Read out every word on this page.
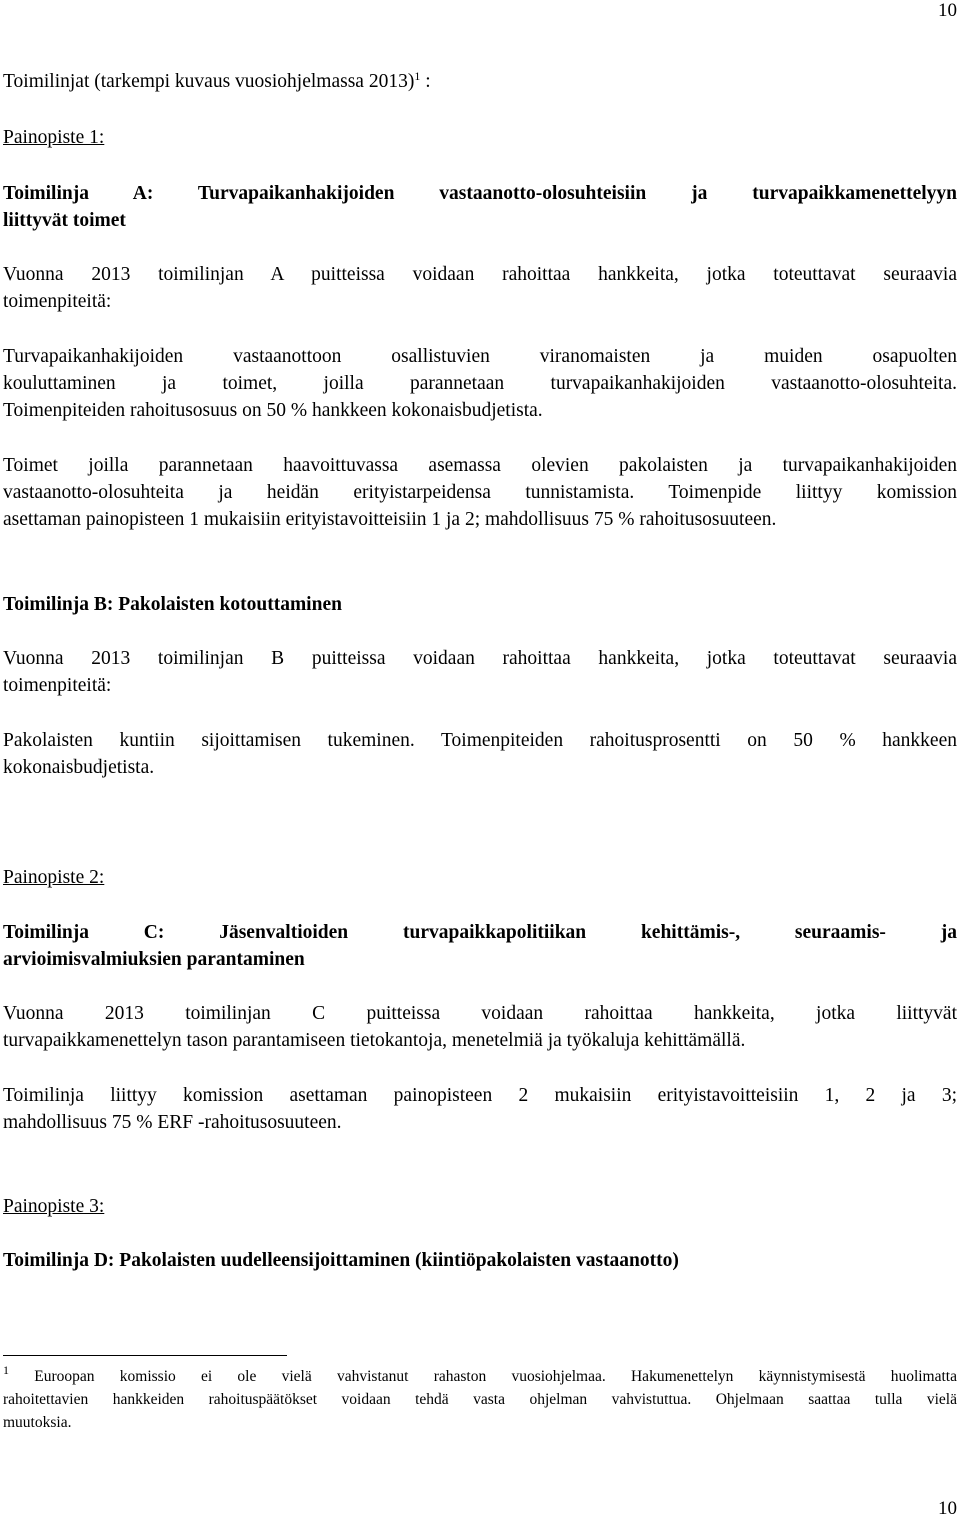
10
Toimilinjat (tarkempi kuvaus vuosiohjelmassa 2013)$^1$ :
Painopiste 1:
Toimilinja A: Turvapaikanhakijoiden vastaanotto-olosuhteisiin ja turvapaikkamenettelyyn
liittyvät toimet
Vuonna 2013 toimilinjan A puitteissa voidaan rahoittaa hankkeita, jotka toteuttavat seuraavia
toimenpiteitä:
Turvapaikanhakijoiden vastaanottoon osallistuvien viranomaisten ja muiden osapuolten
kouluttaminen ja toimet, joilla parannetaan turvapaikanhakijoiden vastaanotto-olosuhteita.
Toimenpiteiden rahoitusosuus on 50 % hankkeen kokonaisbudjetista.
Toimet joilla parannetaan haavoittuvassa asemassa olevien pakolaisten ja turvapaikanhakijoiden
vastaanotto-olosuhteita ja heidän erityistarpeidensa tunnistamista. Toimenpide liittyy komission
asettaman painopisteen 1 mukaisiin erityistavoitteisiin 1 ja 2; mahdollisuus 75 % rahoitusosuuteen.
Toimilinja B: Pakolaisten kotouttaminen
Vuonna 2013 toimilinjan B puitteissa voidaan rahoittaa hankkeita, jotka toteuttavat seuraavia
toimenpiteitä:
Pakolaisten kuntiin sijoittamisen tukeminen. Toimenpiteiden rahoitusprosentti on 50 % hankkeen
kokonaisbudjetista.
Painopiste 2:
Toimilinja C: Jäsenvaltioiden turvapaikkapolitiikan kehittämis-, seuraamis- ja
arvioimisvalmiuksien parantaminen
Vuonna 2013 toimilinjan C puitteissa voidaan rahoittaa hankkeita, jotka liittyvät
turvapaikkamenettelyn tason parantamiseen tietokantoja, menetelmiä ja työkaluja kehittämällä.
Toimilinja liittyy komission asettaman painopisteen 2 mukaisiin erityistavoitteisiin 1, 2 ja 3;
mahdollisuus 75 % ERF -rahoitusosuuteen.
Painopiste 3:
Toimilinja D: Pakolaisten uudelleensijoittaminen (kiintiöpakolaisten vastaanotto)
$^1$ Euroopan komissio ei ole vielä vahvistanut rahaston vuosiohjelmaa. Hakumenettelyn käynnistymisestä huolimatta
rahoitettavien hankkeiden rahoituspäätökset voidaan tehdä vasta ohjelman vahvistuttua. Ohjelmaan saattaa tulla vielä
muutoksia.
10
